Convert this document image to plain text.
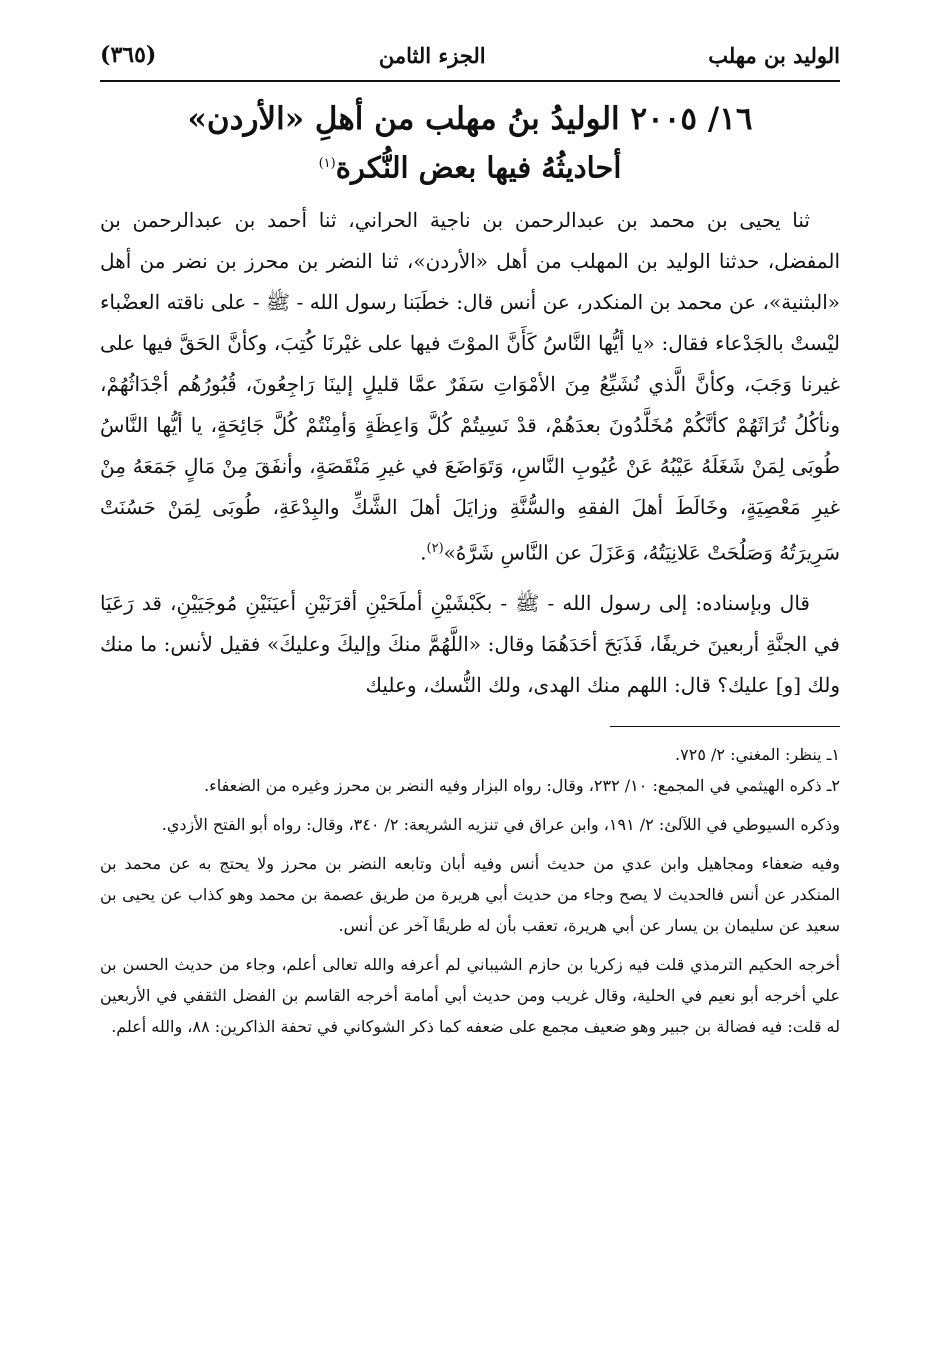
الوليد بن مهلب
الجزء الثامن
(٣٦٥)
١٦/ ٢٠٠٥ الوليدُ بنُ مهلب من أهلِ «الأردن»
أحاديثُهُ فيها بعض النُّكرة$^{(١)}$

ثنا يحيى بن محمد بن عبدالرحمن بن ناجية الحراني، ثنا أحمد بن عبدالرحمن بن المفضل، حدثنا الوليد بن المهلب من أهل «الأردن»، ثنا النضر بن محرز بن نضر من أهل «البثنية»، عن محمد بن المنكدر، عن أنس قال: خطَبَنا رسول الله - ﷺ - على ناقته العضْباء ليْستْ بالجَدْعاء فقال: «يا أيُّها النَّاسُ كَأَنَّ الموْتَ فيها على غيْرنَا كُتِبَ، وكأنَّ الحَقَّ فيها على غيرنا وَجَبَ، وكأنَّ الَّذي نُشَيِّعُ مِنَ الأمْوَاتِ سَفَرٌ عمَّا قليلٍ إلينَا رَاجِعُونَ، قُبُورُهُم أجْدَاثُهُمْ، ونأكُلُ تُرَاثَهُمْ كأنَّكُمْ مُخَلَّدُونَ بعدَهُمْ، قدْ نَسِيتُمْ كُلَّ وَاعِظَةٍ وَأمِنْتُمْ كُلَّ جَائِحَةٍ، يا أيُّها النَّاسُ طُوبَى لِمَنْ شَغَلَهُ عَيْبُهُ عَنْ عُيُوبِ النَّاسِ، وَتَوَاضَعَ في غيرِ مَنْقَصَةٍ، وأنفَقَ مِنْ مَالٍ جَمَعَهُ مِنْ غيرِ مَعْصِيَةٍ، وخَالَطَ أهلَ الفقهِ والسُّنَّةِ وزايَلَ أهلَ الشَّكِّ والبِدْعَةِ، طُوبَى لِمَنْ حَسُنَتْ سَرِيرَتُهُ وَصَلُحَتْ عَلانِيَتُهُ، وَعَزَلَ عن النَّاسِ شَرَّهُ»$^{(٢)}$.

قال وبإسناده: إلى رسول الله - ﷺ - بكَبْشَيْنِ أملَحَيْنِ أقرَنَيْنِ أعيَنَيْنِ مُوجَيَيْنِ، قد رَعَيَا في الجنَّةِ أربعينَ خريفًا، فَذَبَحَ أحَدَهُمَا وقال: «اللَّهُمَّ منكَ وإليكَ وعليكَ» فقيل لأنس: ما منك ولك [و] عليك؟ قال: اللهم منك الهدى، ولك النُّسك، وعليك

١ـ ينظر: المغني: ٢/ ٧٢٥.

٢ـ ذكره الهيثمي في المجمع: ١٠/ ٢٣٢، وقال: رواه البزار وفيه النضر بن محرز وغيره من الضعفاء.

وذكره السيوطي في اللآلئ: ٢/ ١٩١، وابن عراق في تنزيه الشريعة: ٢/ ٣٤٠، وقال: رواه أبو الفتح الأزدي.

وفيه ضعفاء ومجاهيل وابن عدي من حديث أنس وفيه أبان وتابعه النضر بن محرز ولا يحتج به عن محمد بن المنكدر عن أنس فالحديث لا يصح وجاء من حديث أبي هريرة من طريق عصمة بن محمد وهو كذاب عن يحيى بن سعيد عن سليمان بن يسار عن أبي هريرة، تعقب بأن له طريقًا آخر عن أنس.

أخرجه الحكيم الترمذي قلت فيه زكريا بن حازم الشيباني لم أعرفه والله تعالى أعلم، وجاء من حديث الحسن بن علي أخرجه أبو نعيم في الحلية، وقال غريب ومن حديث أبي أمامة أخرجه القاسم بن الفضل الثقفي في الأربعين له قلت: فيه فضالة بن جبير وهو ضعيف مجمع على ضعفه كما ذكر الشوكاني في تحفة الذاكرين: ٨٨، والله أعلم.
